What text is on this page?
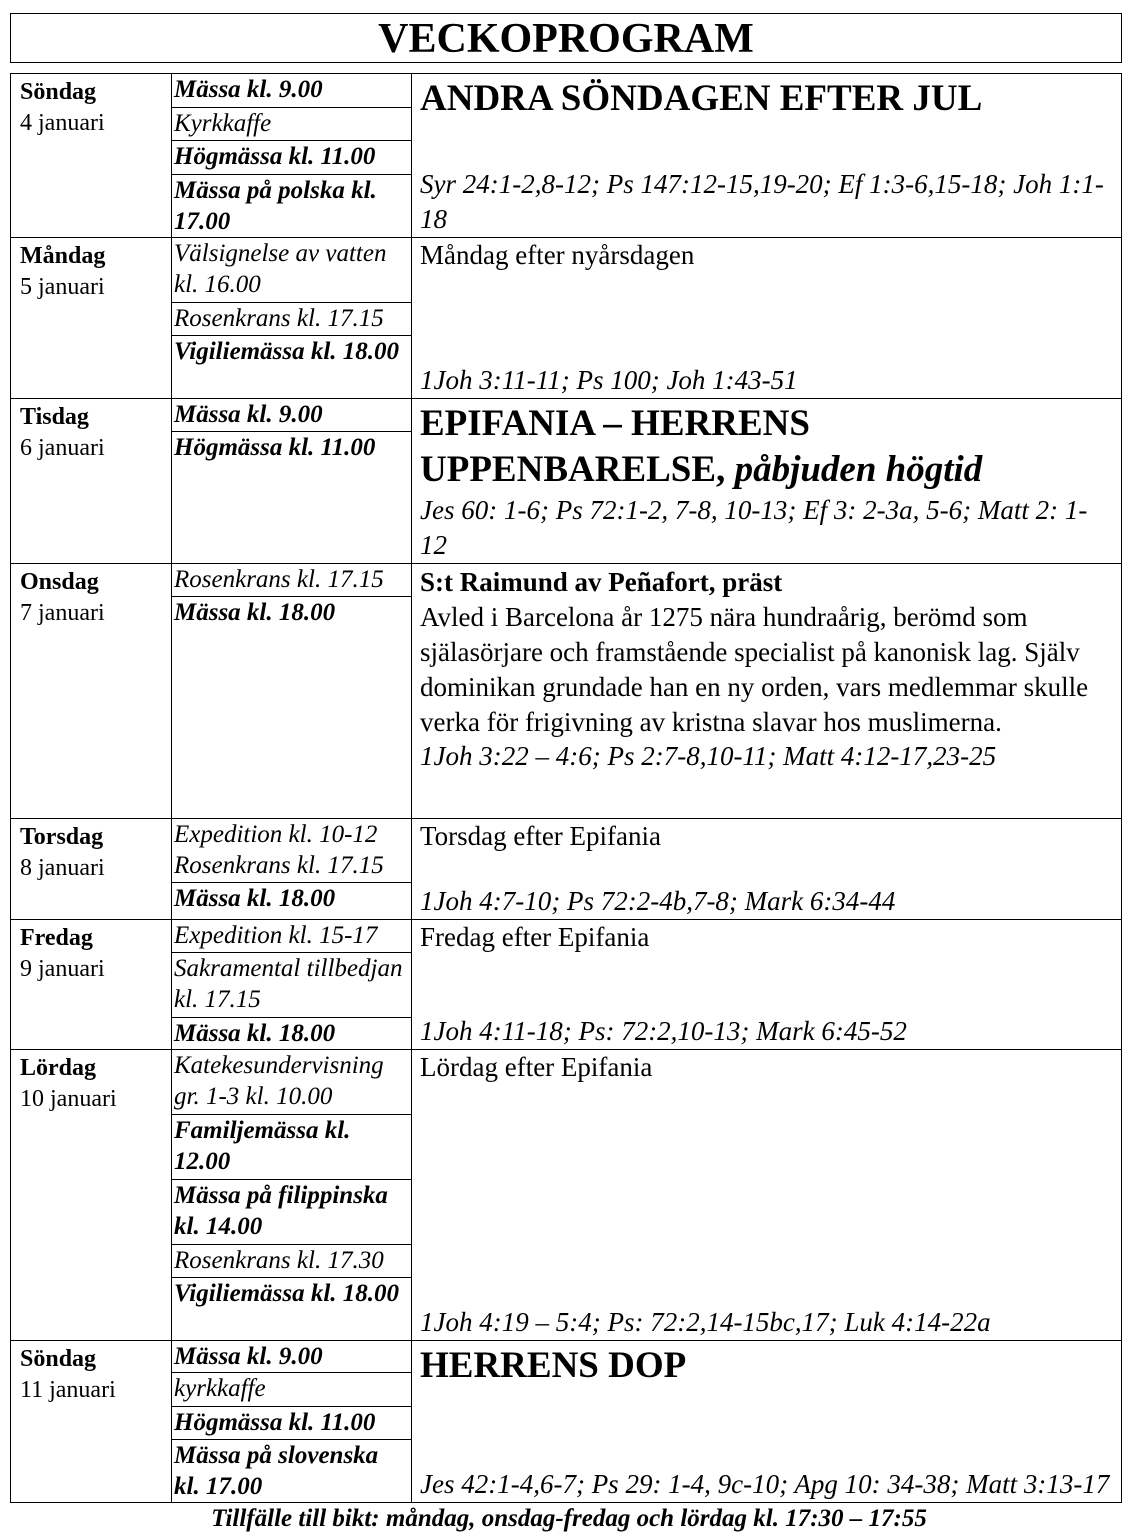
VECKOPROGRAM
Söndag
4 januari
Mässa kl. 9.00
Kyrkkaffe
Högmässa kl. 11.00
Mässa på polska kl. 17.00
ANDRA SÖNDAGEN EFTER JUL
Syr 24:1-2,8-12; Ps 147:12-15,19-20; Ef 1:3-6,15-18; Joh 1:1-18
Måndag
5 januari
Välsignelse av vatten kl. 16.00
Rosenkrans kl. 17.15
Vigiliemässa kl. 18.00
Måndag efter nyårsdagen
1Joh 3:11-11; Ps 100; Joh 1:43-51
Tisdag
6 januari
Mässa kl. 9.00
Högmässa kl. 11.00
EPIFANIA – HERRENS UPPENBARELSE, påbjuden högtid
Jes 60: 1-6; Ps 72:1-2, 7-8, 10-13; Ef 3: 2-3a, 5-6; Matt 2: 1-12
Onsdag
7 januari
Rosenkrans kl. 17.15
Mässa kl. 18.00
S:t Raimund av Peñafort, präst
Avled i Barcelona år 1275 nära hundraårig, berömd som själasörjare och framstående specialist på kanonisk lag. Själv dominikan grundade han en ny orden, vars medlemmar skulle verka för frigivning av kristna slavar hos muslimerna.
1Joh 3:22 – 4:6; Ps 2:7-8,10-11; Matt 4:12-17,23-25
Torsdag
8 januari
Expedition kl. 10-12
Rosenkrans kl. 17.15
Mässa kl. 18.00
Torsdag efter Epifania
1Joh 4:7-10; Ps 72:2-4b,7-8; Mark 6:34-44
Fredag
9 januari
Expedition kl. 15-17
Sakramental tillbedjan kl. 17.15
Mässa kl. 18.00
Fredag efter Epifania
1Joh 4:11-18; Ps: 72:2,10-13; Mark 6:45-52
Lördag
10 januari
Katekesundervisning gr. 1-3 kl. 10.00
Familjemässa kl. 12.00
Mässa på filippinska kl. 14.00
Rosenkrans kl. 17.30
Vigiliemässa kl. 18.00
Lördag efter Epifania
1Joh 4:19 – 5:4; Ps: 72:2,14-15bc,17; Luk 4:14-22a
Söndag
11 januari
Mässa kl. 9.00
kyrkkaffe
Högmässa kl. 11.00
Mässa på slovenska kl. 17.00
HERRENS DOP
Jes 42:1-4,6-7; Ps 29: 1-4, 9c-10; Apg 10: 34-38; Matt 3:13-17
Tillfälle till bikt: måndag, onsdag-fredag och lördag kl. 17:30 – 17:55
